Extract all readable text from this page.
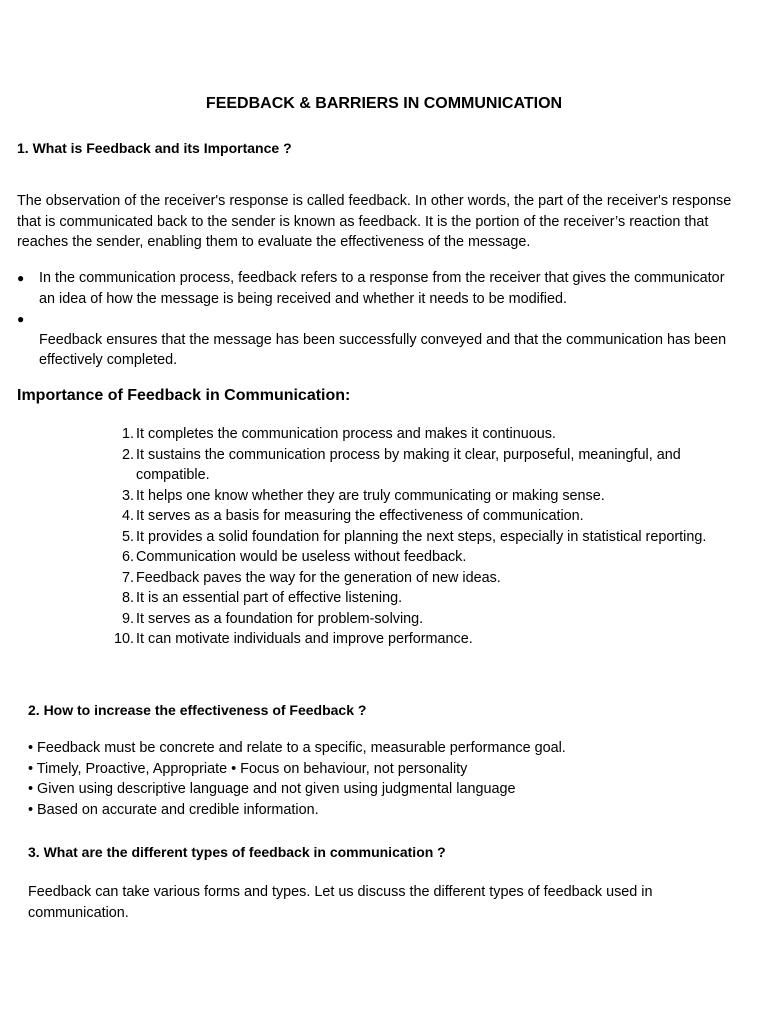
FEEDBACK & BARRIERS IN COMMUNICATION
1. What is Feedback and its Importance ?
The observation of the receiver's response is called feedback. In other words, the part of the receiver's response that is communicated back to the sender is known as feedback. It is the portion of the receiver’s reaction that reaches the sender, enabling them to evaluate the effectiveness of the message.
● In the communication process, feedback refers to a response from the receiver that gives the communicator an idea of how the message is being received and whether it needs to be modified.
●
Feedback ensures that the message has been successfully conveyed and that the communication has been effectively completed.
Importance of Feedback in Communication:
1. It completes the communication process and makes it continuous.
2. It sustains the communication process by making it clear, purposeful, meaningful, and compatible.
3. It helps one know whether they are truly communicating or making sense.
4. It serves as a basis for measuring the effectiveness of communication.
5. It provides a solid foundation for planning the next steps, especially in statistical reporting.
6. Communication would be useless without feedback.
7. Feedback paves the way for the generation of new ideas.
8. It is an essential part of effective listening.
9. It serves as a foundation for problem-solving.
10. It can motivate individuals and improve performance.
2. How to increase the effectiveness of Feedback ?
• Feedback must be concrete and relate to a specific, measurable performance goal.
• Timely, Proactive, Appropriate • Focus on behaviour, not personality
• Given using descriptive language and not given using judgmental language
• Based on accurate and credible information.
3. What are the different types of feedback in communication ?
Feedback can take various forms and types. Let us discuss the different types of feedback used in communication.
